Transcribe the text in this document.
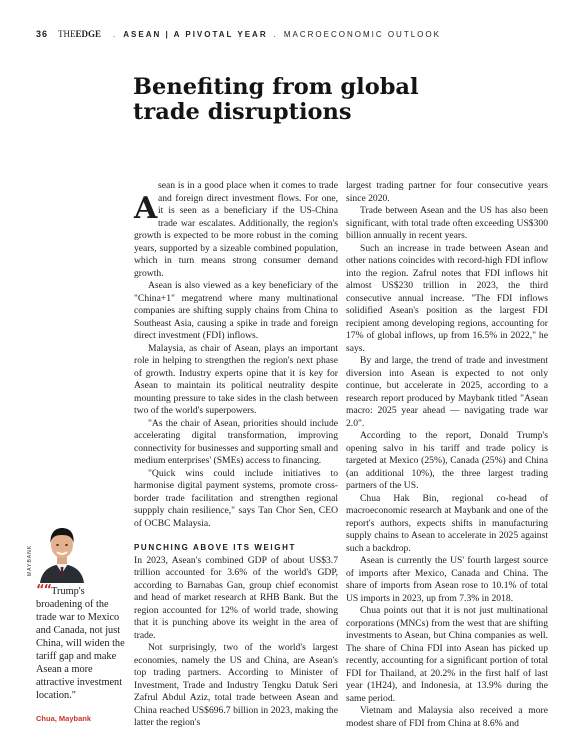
36 THEEDGE . ASEAN | A PIVOTAL YEAR . MACROECONOMIC OUTLOOK
Benefiting from global trade disruptions

A
sean is in a good place when it comes to trade and foreign direct investment flows. For one, it is seen as a beneficiary if the US-China trade war escalates. Additionally, the region's growth is expected to be more robust in the coming years, supported by a sizeable combined population, which in turn means strong consumer demand growth.

Asean is also viewed as a key beneficiary of the "China+1" megatrend where many multinational companies are shifting supply chains from China to Southeast Asia, causing a spike in trade and foreign direct investment (FDI) inflows.

Malaysia, as chair of Asean, plays an important role in helping to strengthen the region's next phase of growth. Industry experts opine that it is key for Asean to maintain its political neutrality despite mounting pressure to take sides in the clash between two of the world's superpowers.

"As the chair of Asean, priorities should include accelerating digital transformation, improving connectivity for businesses and supporting small and medium enterprises' (SMEs) access to financing.

"Quick wins could include initiatives to harmonise digital payment systems, promote cross-border trade facilitation and strengthen regional suppply chain resilience," says Tan Chor Sen, CEO of OCBC Malaysia.

PUNCHING ABOVE ITS WEIGHT

In 2023, Asean's combined GDP of about US$3.7 trillion accounted for 3.6% of the world's GDP, according to Barnabas Gan, group chief economist and head of market research at RHB Bank. But the region accounted for 12% of world trade, showing that it is punching above its weight in the area of trade.

Not surprisingly, two of the world's largest economies, namely the US and China, are Asean's top trading partners. According to Minister of Investment, Trade and Industry Tengku Datuk Seri Zafrul Abdul Aziz, total trade between Asean and China reached US$696.7 billion in 2023, making the latter the region's

largest trading partner for four consecutive years since 2020.

Trade between Asean and the US has also been significant, with total trade often exceeding US$300 billion annually in recent years.

Such an increase in trade between Asean and other nations coincides with record-high FDI inflow into the region. Zafrul notes that FDI inflows hit almost US$230 trillion in 2023, the third consecutive annual increase. "The FDI inflows solidified Asean's position as the largest FDI recipient among developing regions, accounting for 17% of global inflows, up from 16.5% in 2022," he says.

By and large, the trend of trade and investment diversion into Asean is expected to not only continue, but accelerate in 2025, according to a research report produced by Maybank titled "Asean macro: 2025 year ahead — navigating trade war 2.0".

According to the report, Donald Trump's opening salvo in his tariff and trade policy is targeted at Mexico (25%), Canada (25%) and China (an additional 10%), the three largest trading partners of the US.

Chua Hak Bin, regional co-head of macroeconomic research at Maybank and one of the report's authors, expects shifts in manufacturing supply chains to Asean to accelerate in 2025 against such a backdrop.

Asean is currently the US' fourth largest source of imports after Mexico, Canada and China. The share of imports from Asean rose to 10.1% of total US imports in 2023, up from 7.3% in 2018.

Chua points out that it is not just multinational corporations (MNCs) from the west that are shifting investments to Asean, but China companies as well. The share of China FDI into Asean has picked up recently, accounting for a significant portion of total FDI for Thailand, at 20.2% in the first half of last year (1H24), and Indonesia, at 13.9% during the same period.

Vietnam and Malaysia also received a more modest share of FDI from China at 8.6% and

MAYBANK
““Trump's broadening of the trade war to Mexico and Canada, not just China, will widen the tariff gap and make Asean a more attractive investment location."
Chua, Maybank
